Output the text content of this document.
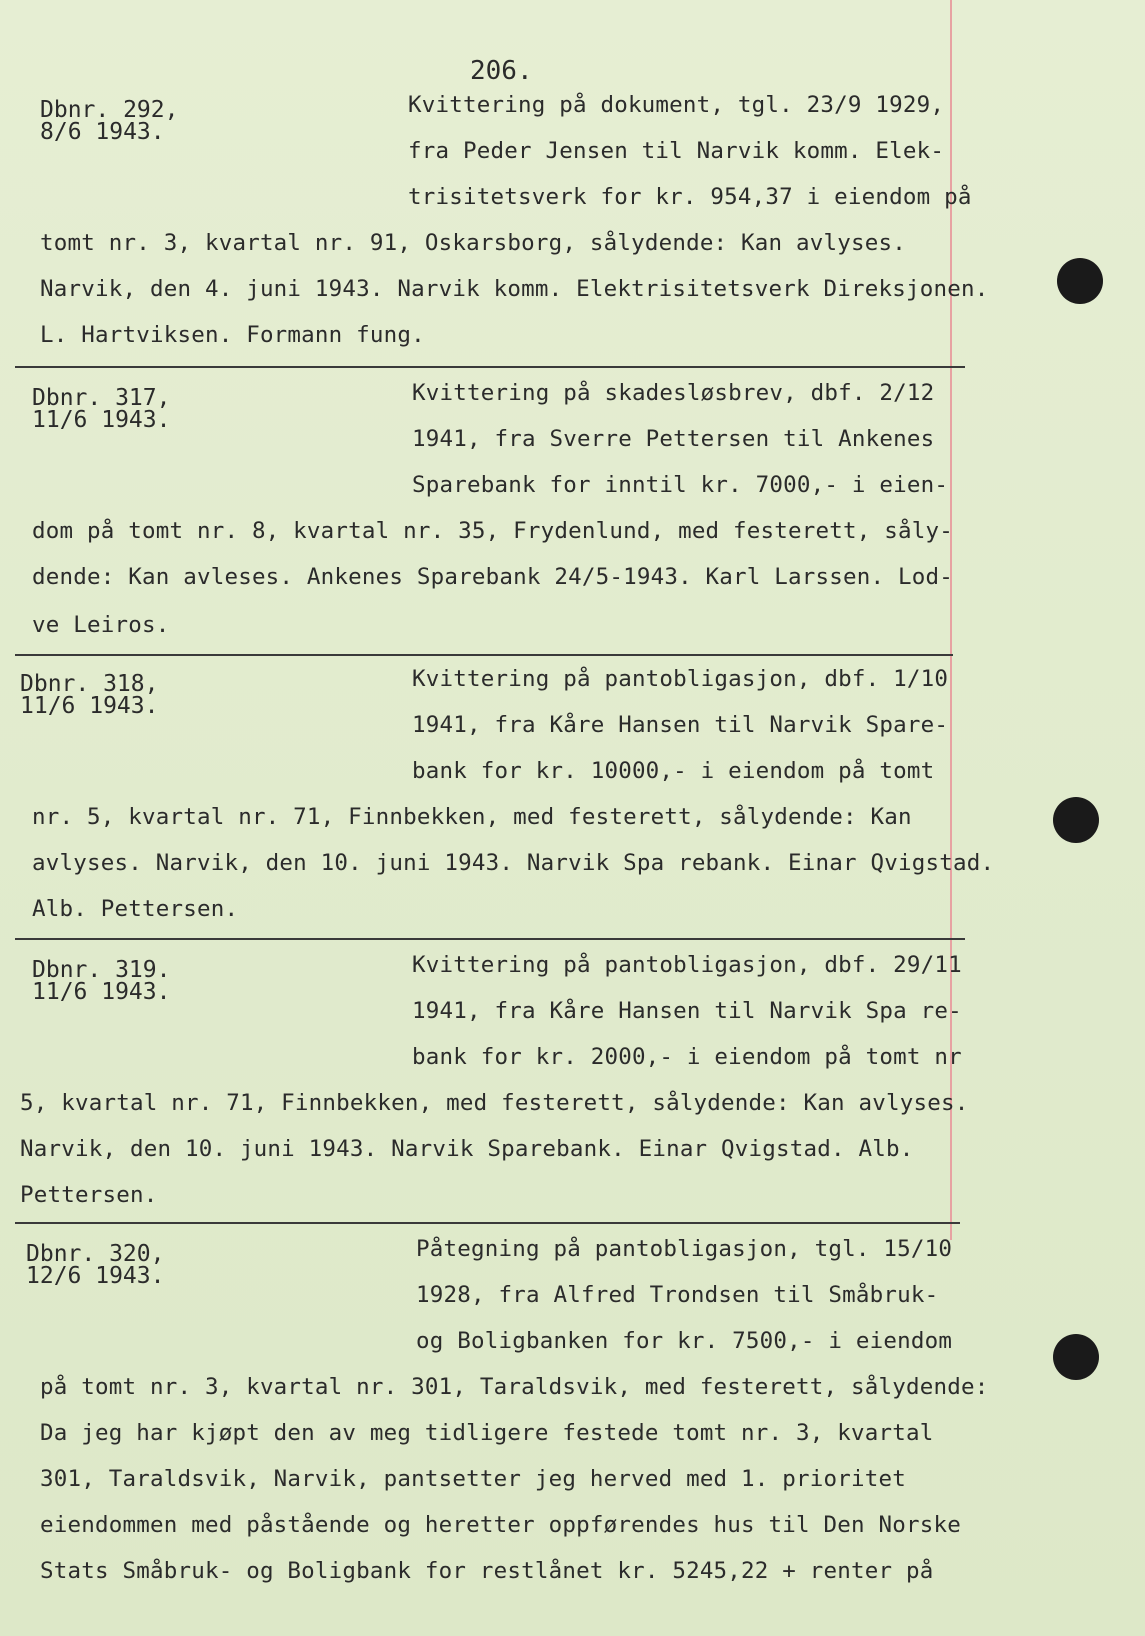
206.
Dbnr. 292,
8/6 1943.
Kvittering på dokument, tgl. 23/9 1929,
fra Peder Jensen til Narvik komm. Elek-
trisitetsverk for kr. 954,37 i eiendom på
tomt nr. 3, kvartal nr. 91, Oskarsborg, sålydende: Kan avlyses.
Narvik, den 4. juni 1943. Narvik komm. Elektrisitetsverk Direksjonen.
L. Hartviksen. Formann fung.
Dbnr. 317,
11/6 1943.
Kvittering på skadesløsbrev, dbf. 2/12
1941, fra Sverre Pettersen til Ankenes
Sparebank for inntil kr. 7000,- i eien-
dom på tomt nr. 8, kvartal nr. 35, Frydenlund, med festerett, såly-
dende: Kan avleses. Ankenes Sparebank 24/5-1943. Karl Larssen. Lod-
ve Leiros.
Dbnr. 318,
11/6 1943.
Kvittering på pantobligasjon, dbf. 1/10
1941, fra Kåre Hansen til Narvik Spare-
bank for kr. 10000,- i eiendom på tomt
nr. 5, kvartal nr. 71, Finnbekken, med festerett, sålydende: Kan
avlyses. Narvik, den 10. juni 1943. Narvik Spa rebank. Einar Qvigstad.
Alb. Pettersen.
Dbnr. 319.
11/6 1943.
Kvittering på pantobligasjon, dbf. 29/11
1941, fra Kåre Hansen til Narvik Spa re-
bank for kr. 2000,- i eiendom på tomt nr
5, kvartal nr. 71, Finnbekken, med festerett, sålydende: Kan avlyses.
Narvik, den 10. juni 1943. Narvik Sparebank. Einar Qvigstad. Alb.
Pettersen.
Dbnr. 320,
12/6 1943.
Påtegning på pantobligasjon, tgl. 15/10
1928, fra Alfred Trondsen til Småbruk-
og Boligbanken for kr. 7500,- i eiendom
på tomt nr. 3, kvartal nr. 301, Taraldsvik, med festerett, sålydende:
Da jeg har kjøpt den av meg tidligere festede tomt nr. 3, kvartal
301, Taraldsvik, Narvik, pantsetter jeg herved med 1. prioritet
eiendommen med påstående og heretter oppførendes hus til Den Norske
Stats Småbruk- og Boligbank for restlånet kr. 5245,22 + renter på
